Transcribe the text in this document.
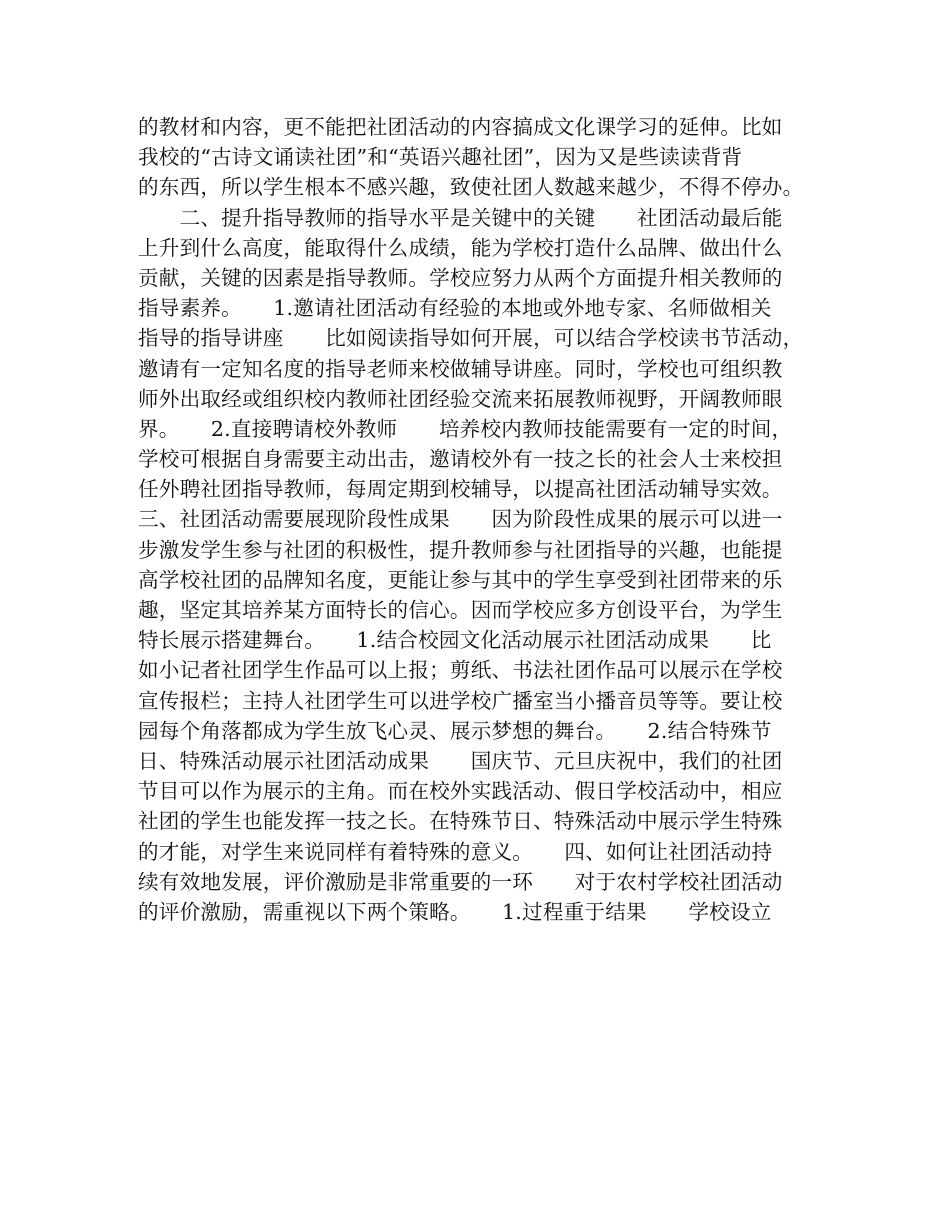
的教材和内容，更不能把社团活动的内容搞成文化课学习的延伸。比如
我校的“古诗文诵读社团”和“英语兴趣社团”，因为又是些读读背背
的东西，所以学生根本不感兴趣，致使社团人数越来越少，不得不停办。
　　二、提升指导教师的指导水平是关键中的关键　　社团活动最后能
上升到什么高度，能取得什么成绩，能为学校打造什么品牌、做出什么
贡献，关键的因素是指导教师。学校应努力从两个方面提升相关教师的
指导素养。　　1.邀请社团活动有经验的本地或外地专家、名师做相关
指导的指导讲座　　比如阅读指导如何开展，可以结合学校读书节活动，
邀请有一定知名度的指导老师来校做辅导讲座。同时，学校也可组织教
师外出取经或组织校内教师社团经验交流来拓展教师视野，开阔教师眼
界。　　2.直接聘请校外教师　　培养校内教师技能需要有一定的时间，
学校可根据自身需要主动出击，邀请校外有一技之长的社会人士来校担
任外聘社团指导教师，每周定期到校辅导，以提高社团活动辅导实效。
三、社团活动需要展现阶段性成果　　因为阶段性成果的展示可以进一
步激发学生参与社团的积极性，提升教师参与社团指导的兴趣，也能提
高学校社团的品牌知名度，更能让参与其中的学生享受到社团带来的乐
趣，坚定其培养某方面特长的信心。因而学校应多方创设平台，为学生
特长展示搭建舞台。　　1.结合校园文化活动展示社团活动成果　　比
如小记者社团学生作品可以上报；剪纸、书法社团作品可以展示在学校
宣传报栏；主持人社团学生可以进学校广播室当小播音员等等。要让校
园每个角落都成为学生放飞心灵、展示梦想的舞台。　　2.结合特殊节
日、特殊活动展示社团活动成果　　国庆节、元旦庆祝中，我们的社团
节目可以作为展示的主角。而在校外实践活动、假日学校活动中，相应
社团的学生也能发挥一技之长。在特殊节日、特殊活动中展示学生特殊
的才能，对学生来说同样有着特殊的意义。　　四、如何让社团活动持
续有效地发展，评价激励是非常重要的一环　　对于农村学校社团活动
的评价激励，需重视以下两个策略。　　1.过程重于结果　　学校设立
